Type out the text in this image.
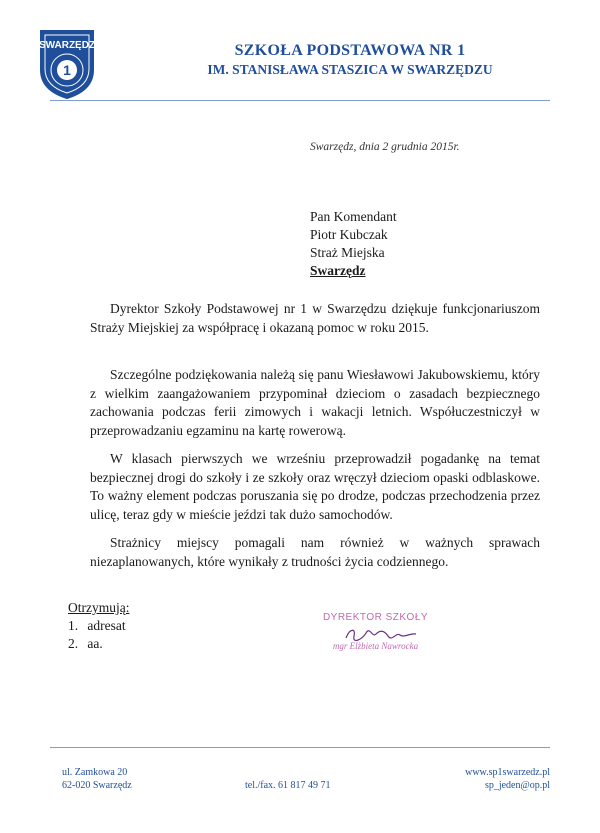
SWARZĘDZ
1
SZKOŁA PODSTAWOWA NR 1
IM. STANISŁAWA STASZICA W SWARZĘDZU
Swarzędz, dnia 2 grudnia 2015r.
Pan Komendant
Piotr Kubczak
Straż Miejska
Swarzędz
Dyrektor Szkoły Podstawowej nr 1 w Swarzędzu dziękuje funkcjonariuszom Straży Miejskiej za współpracę i okazaną pomoc w roku 2015.
Szczególne podziękowania należą się panu Wiesławowi Jakubowskiemu, który z wielkim zaangażowaniem przypominał dzieciom o zasadach bezpiecznego zachowania podczas ferii zimowych i wakacji letnich. Współuczestniczył w przeprowadzaniu egzaminu na kartę rowerową.
W klasach pierwszych we wrześniu przeprowadził pogadankę na temat bezpiecznej drogi do szkoły i ze szkoły oraz wręczył dzieciom opaski odblaskowe. To ważny element podczas poruszania się po drodze, podczas przechodzenia przez ulicę, teraz gdy w mieście jeździ tak dużo samochodów.
Strażnicy miejscy pomagali nam również w ważnych sprawach niezaplanowanych, które wynikały z trudności życia codziennego.
Otrzymują:
1. adresat
2. aa.
DYREKTOR SZKOŁY
mgr Elżbieta Nawrocka
ul. Zamkowa 20
62-020 Swarzędz	tel./fax. 61 817 49 71
www.sp1swarzedz.pl
sp_jeden@op.pl
